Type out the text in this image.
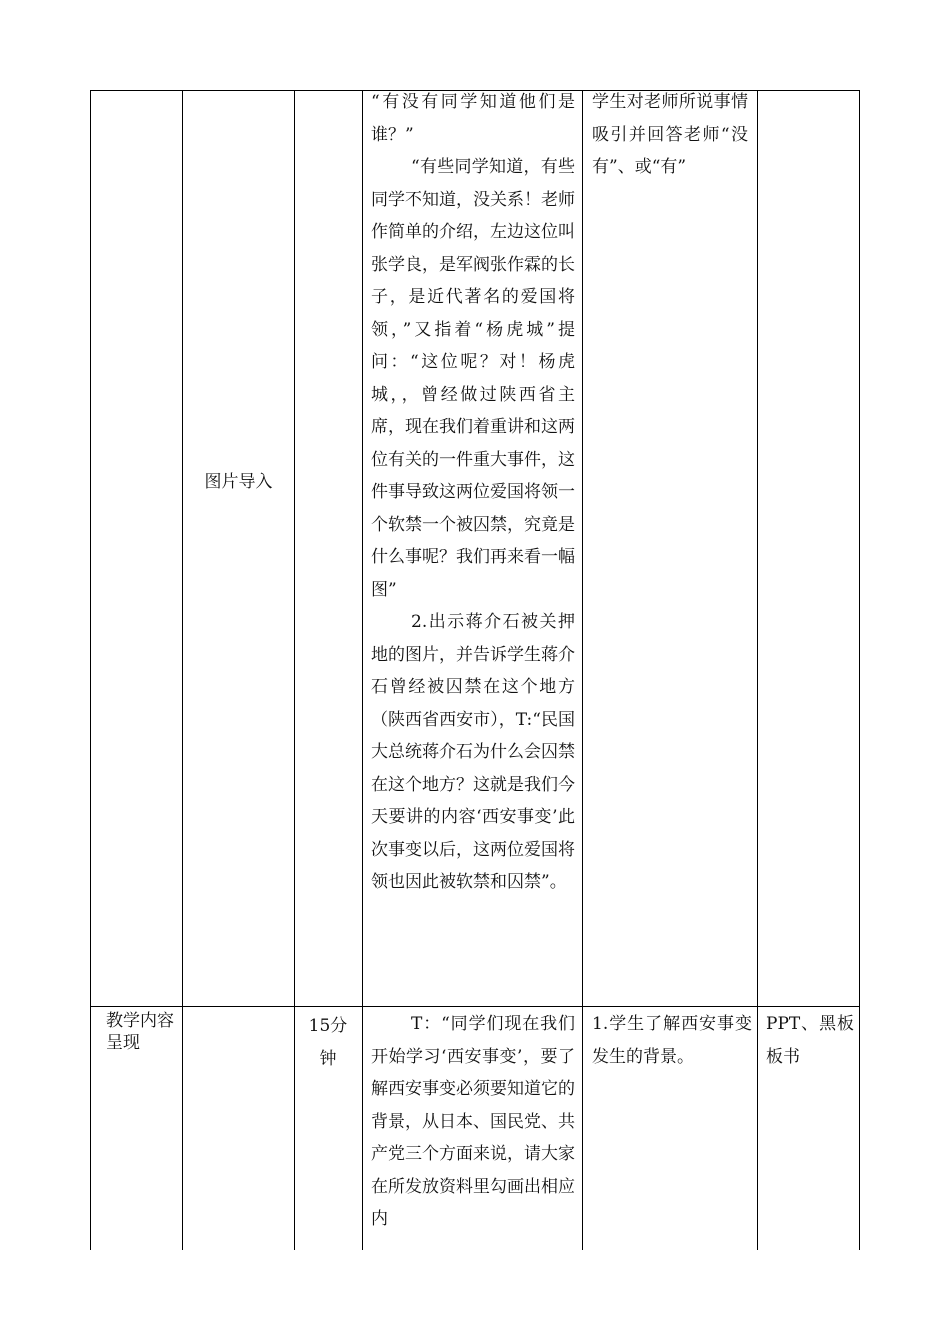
图片导入

“有没有同学知道他们是谁？”

“有些同学知道，有些同学不知道，没关系！老师作简单的介绍，左边这位叫张学良，是军阀张作霖的长子，是近代著名的爱国将领，”又指着“杨虎城”提问：“这位呢？对！杨虎城，，曾经做过陕西省主席，现在我们着重讲和这两位有关的一件重大事件，这件事导致这两位爱国将领一个软禁一个被囚禁，究竟是什么事呢？我们再来看一幅图”

2.出示蒋介石被关押地的图片，并告诉学生蒋介石曾经被囚禁在这个地方（陕西省西安市），T:“民国大总统蒋介石为什么会囚禁在这个地方？这就是我们今天要讲的内容‘西安事变’此次事变以后，这两位爱国将领也因此被软禁和囚禁”。

学生对老师所说事情吸引并回答老师“没有”、或“有”

教学内容呈现
15分钟

T：“同学们现在我们开始学习‘西安事变’，要了解西安事变必须要知道它的背景，从日本、国民党、共产党三个方面来说，请大家在所发放资料里勾画出相应内

1.学生了解西安事变发生的背景。

PPT、黑板板书
